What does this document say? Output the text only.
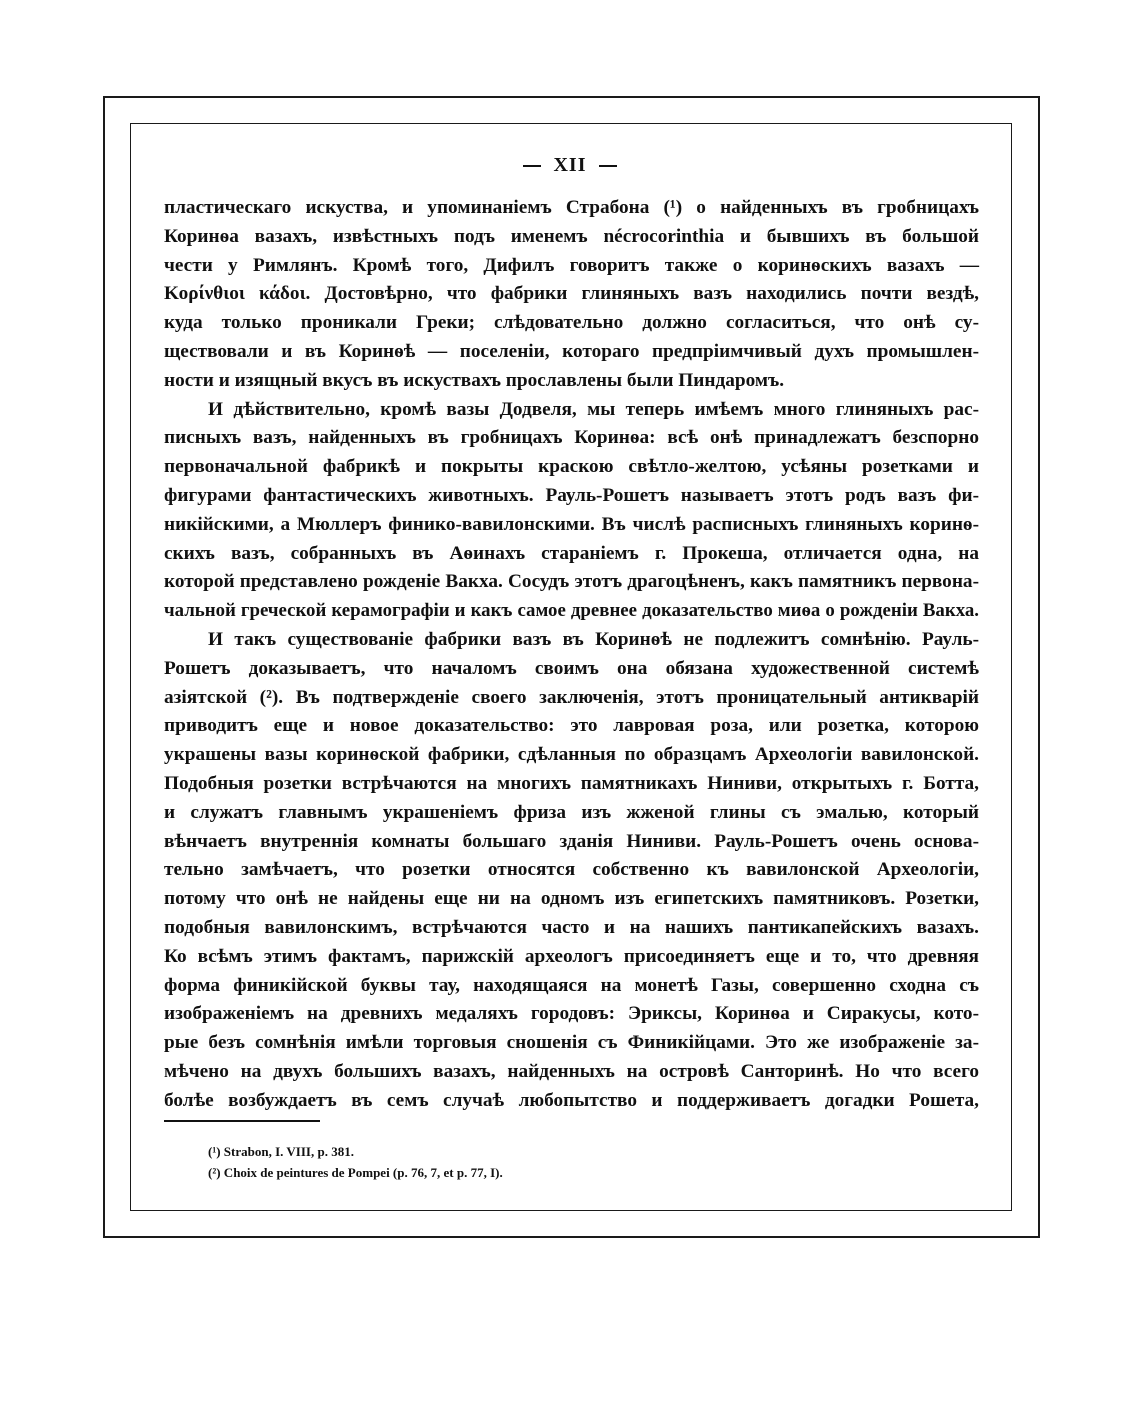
XII
пластическаго искуства, и упоминаніемъ Страбона (¹) о найденныхъ въ гробницахъ
Коринѳа вазахъ, извѣстныхъ подъ именемъ nécrocorinthia и бывшихъ въ большой
чести у Римлянъ. Кромѣ того, Дифилъ говоритъ также о коринѳскихъ вазахъ —
Κορίνθιοι κάδοι. Достовѣрно, что фабрики глиняныхъ вазъ находились почти вездѣ,
куда только проникали Греки; слѣдовательно должно согласиться, что онѣ су-
ществовали и въ Коринѳѣ — поселеніи, котораго предпріимчивый духъ промышлен-
ности и изящный вкусъ въ искуствахъ прославлены были Пиндаромъ.
И дѣйствительно, кромѣ вазы Додвеля, мы теперь имѣемъ много глиняныхъ рас-
писныхъ вазъ, найденныхъ въ гробницахъ Коринѳа: всѣ онѣ принадлежатъ безспорно
первоначальной фабрикѣ и покрыты краскою свѣтло-желтою, усѣяны розетками и
фигурами фантастическихъ животныхъ. Рауль-Рошетъ называетъ этотъ родъ вазъ фи-
никійскими, а Мюллеръ финико-вавилонскими. Въ числѣ расписныхъ глиняныхъ коринѳ-
скихъ вазъ, собранныхъ въ Аѳинахъ стараніемъ г. Прокеша, отличается одна, на
которой представлено рожденіе Вакха. Сосудъ этотъ драгоцѣненъ, какъ памятникъ первона-
чальной греческой керамографіи и какъ самое древнее доказательство миѳа о рожденіи Вакха.
И такъ существованіе фабрики вазъ въ Коринѳѣ не подлежитъ сомнѣнію. Рауль-
Рошетъ доказываетъ, что началомъ своимъ она обязана художественной системѣ
азіятской (²). Въ подтвержденіе своего заключенія, этотъ проницательный антикварій
приводитъ еще и новое доказательство: это лавровая роза, или розетка, которою
украшены вазы коринѳской фабрики, сдѣланныя по образцамъ Археологіи вавилонской.
Подобныя розетки встрѣчаются на многихъ памятникахъ Ниниви, открытыхъ г. Ботта,
и служатъ главнымъ украшеніемъ фриза изъ жженой глины съ эмалью, который
вѣнчаетъ внутреннія комнаты большаго зданія Ниниви. Рауль-Рошетъ очень основа-
тельно замѣчаетъ, что розетки относятся собственно къ вавилонской Археологіи,
потому что онѣ не найдены еще ни на одномъ изъ египетскихъ памятниковъ. Розетки,
подобныя вавилонскимъ, встрѣчаются часто и на нашихъ пантикапейскихъ вазахъ.
Ко всѣмъ этимъ фактамъ, парижскій археологъ присоединяетъ еще и то, что древняя
форма финикійской буквы тау, находящаяся на монетѣ Газы, совершенно сходна съ
изображеніемъ на древнихъ медаляхъ городовъ: Эриксы, Коринѳа и Сиракусы, кото-
рые безъ сомнѣнія имѣли торговыя сношенія съ Финикійцами. Это же изображеніе за-
мѣчено на двухъ большихъ вазахъ, найденныхъ на островѣ Санторинѣ. Но что всего
болѣе возбуждаетъ въ семъ случаѣ любопытство и поддерживаетъ догадки Рошета,
(¹) Strabon, I. VIII, p. 381.
(²) Choix de peintures de Pompei (p. 76, 7, et p. 77, I).
